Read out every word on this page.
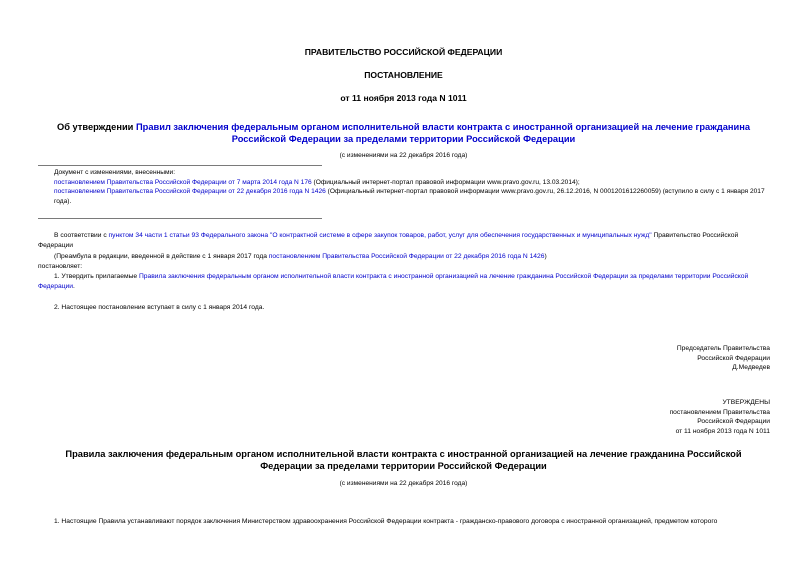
ПРАВИТЕЛЬСТВО РОССИЙСКОЙ ФЕДЕРАЦИИ
ПОСТАНОВЛЕНИЕ
от 11 ноября 2013 года N 1011
Об утверждении Правил заключения федеральным органом исполнительной власти контракта с иностранной организацией на лечение гражданина Российской Федерации за пределами территории Российской Федерации
(с изменениями на 22 декабря 2016 года)
Документ с изменениями, внесенными:
постановлением Правительства Российской Федерации от 7 марта 2014 года N 176 (Официальный интернет-портал правовой информации www.pravo.gov.ru, 13.03.2014);
постановлением Правительства Российской Федерации от 22 декабря 2016 года N 1426 (Официальный интернет-портал правовой информации www.pravo.gov.ru, 26.12.2016, N 0001201612260059) (вступило в силу с 1 января 2017 года).
В соответствии с пунктом 34 части 1 статьи 93 Федерального закона "О контрактной системе в сфере закупок товаров, работ, услуг для обеспечения государственных и муниципальных нужд" Правительство Российской Федерации
(Преамбула в редакции, введенной в действие с 1 января 2017 года постановлением Правительства Российской Федерации от 22 декабря 2016 года N 1426)
постановляет:
1. Утвердить прилагаемые Правила заключения федеральным органом исполнительной власти контракта с иностранной организацией на лечение гражданина Российской Федерации за пределами территории Российской Федерации.
2. Настоящее постановление вступает в силу с 1 января 2014 года.
Председатель Правительства
Российской Федерации
Д.Медведев
УТВЕРЖДЕНЫ
постановлением Правительства
Российской Федерации
от 11 ноября 2013 года N 1011
Правила заключения федеральным органом исполнительной власти контракта с иностранной организацией на лечение гражданина Российской Федерации за пределами территории Российской Федерации
(с изменениями на 22 декабря 2016 года)
1. Настоящие Правила устанавливают порядок заключения Министерством здравоохранения Российской Федерации контракта - гражданско-правового договора с иностранной организацией, предметом которого
